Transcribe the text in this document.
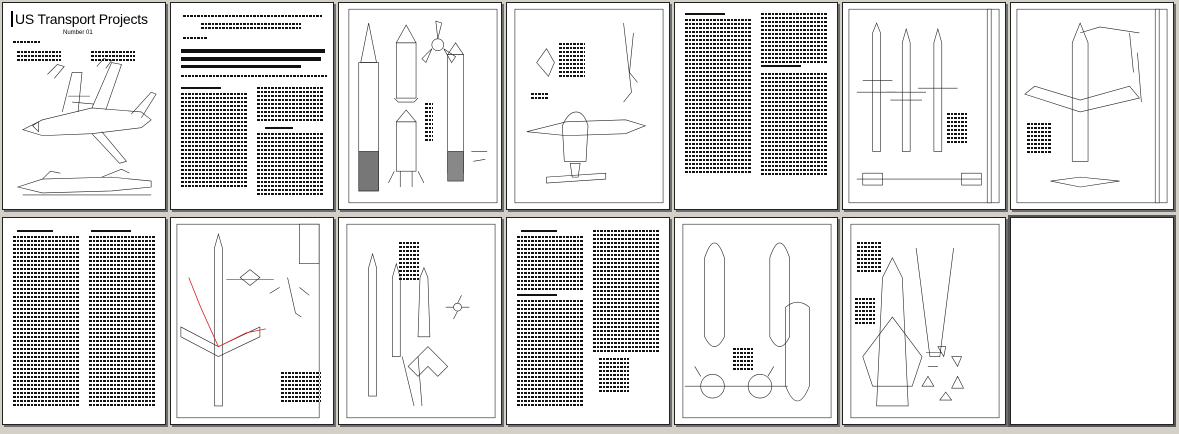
US Transport Projects
Number 01
